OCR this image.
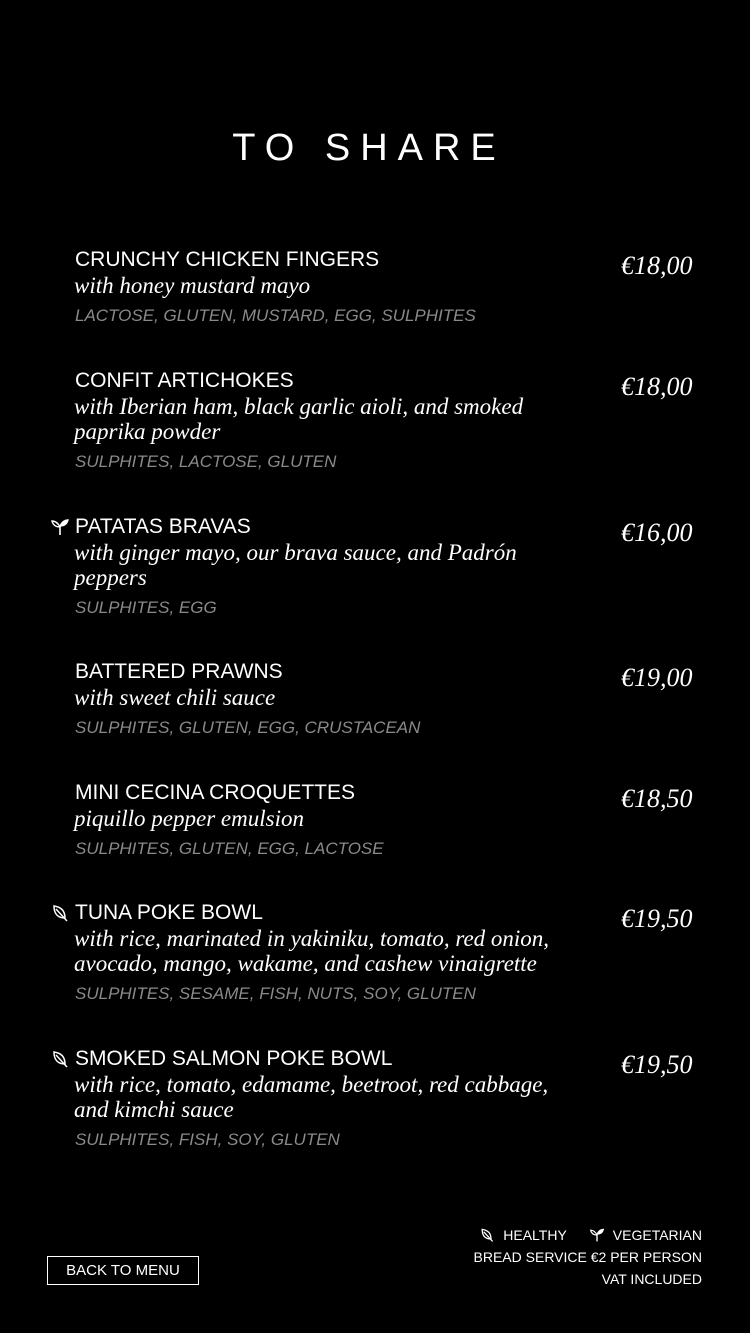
TO SHARE
CRUNCHY CHICKEN FINGERS
with honey mustard mayo
LACTOSE, GLUTEN, MUSTARD, EGG, SULPHITES
€18,00
CONFIT ARTICHOKES
with Iberian ham, black garlic aioli, and smoked paprika powder
SULPHITES, LACTOSE, GLUTEN
€18,00
PATATAS BRAVAS
with ginger mayo, our brava sauce, and Padrón peppers
SULPHITES, EGG
€16,00
BATTERED PRAWNS
with sweet chili sauce
SULPHITES, GLUTEN, EGG, CRUSTACEAN
€19,00
MINI CECINA CROQUETTES
piquillo pepper emulsion
SULPHITES, GLUTEN, EGG, LACTOSE
€18,50
TUNA POKE BOWL
with rice, marinated in yakiniku, tomato, red onion, avocado, mango, wakame, and cashew vinaigrette
SULPHITES, SESAME, FISH, NUTS, SOY, GLUTEN
€19,50
SMOKED SALMON POKE BOWL
with rice, tomato, edamame, beetroot, red cabbage, and kimchi sauce
SULPHITES, FISH, SOY, GLUTEN
€19,50
BACK TO MENU
HEALTHY	VEGETARIAN
BREAD SERVICE €2 PER PERSON
VAT INCLUDED
